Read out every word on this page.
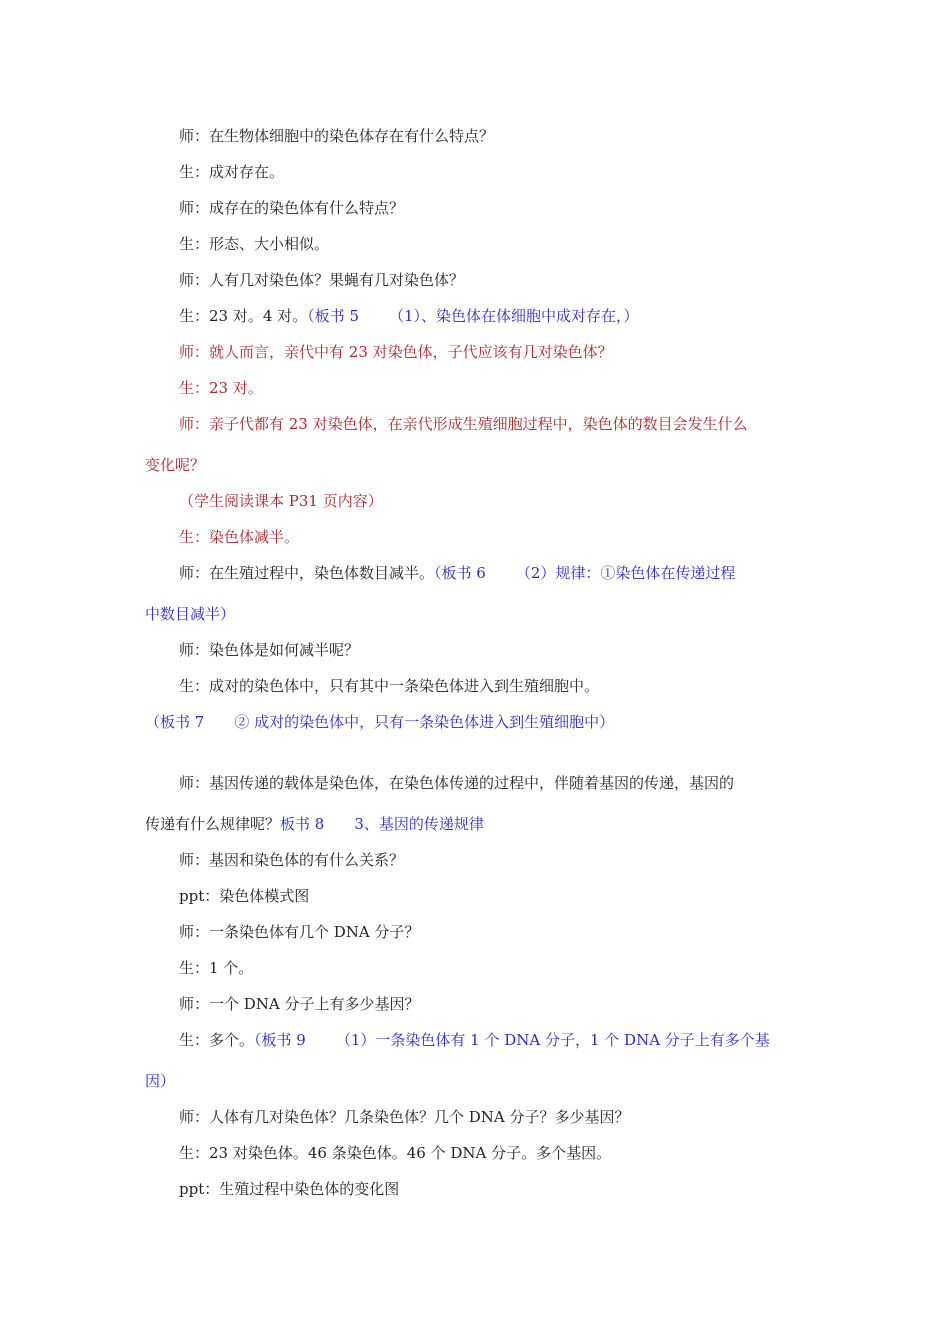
师：在生物体细胞中的染色体存在有什么特点？
生：成对存在。
师：成存在的染色体有什么特点？
生：形态、大小相似。
师：人有几对染色体？果蝇有几对染色体？
生：23 对。4 对。（板书 5 （1）、染色体在体细胞中成对存在，）
师：就人而言，亲代中有 23 对染色体，子代应该有几对染色体？
生：23 对。
师：亲子代都有 23 对染色体，在亲代形成生殖细胞过程中，染色体的数目会发生什么
变化呢？
（学生阅读课本 P31 页内容）
生：染色体减半。
师：在生殖过程中，染色体数目减半。（板书 6 （2）规律：①染色体在传递过程
中数目减半）
师：染色体是如何减半呢？
生：成对的染色体中，只有其中一条染色体进入到生殖细胞中。
（板书 7 ② 成对的染色体中，只有一条染色体进入到生殖细胞中）
师：基因传递的载体是染色体，在染色体传递的过程中，伴随着基因的传递，基因的
传递有什么规律呢？板书 8 3、基因的传递规律
师：基因和染色体的有什么关系？
ppt：染色体模式图
师：一条染色体有几个 DNA 分子？
生：1 个。
师：一个 DNA 分子上有多少基因？
生：多个。（板书 9 （1）一条染色体有 1 个 DNA 分子，1 个 DNA 分子上有多个基
因）
师：人体有几对染色体？几条染色体？几个 DNA 分子？多少基因？
生：23 对染色体。46 条染色体。46 个 DNA 分子。多个基因。
ppt：生殖过程中染色体的变化图
